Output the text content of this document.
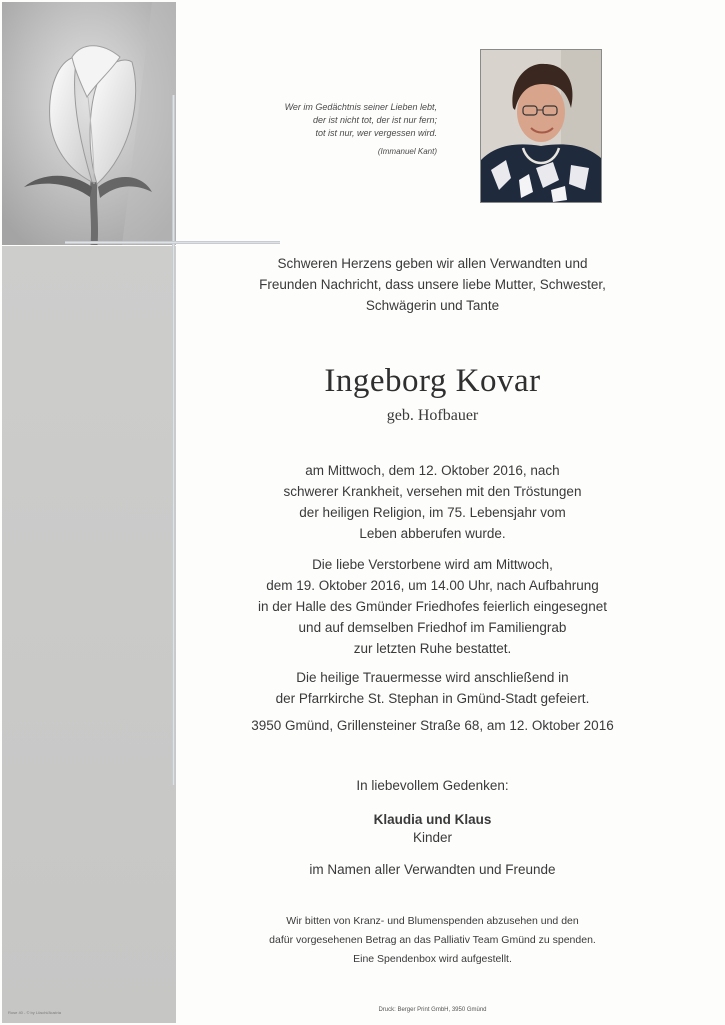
Rose 40 - © by Lüschi/Austria
Wer im Gedächtnis seiner Lieben lebt,
der ist nicht tot, der ist nur fern;
tot ist nur, wer vergessen wird.
(Immanuel Kant)
Schweren Herzens geben wir allen Verwandten und
Freunden Nachricht, dass unsere liebe Mutter, Schwester,
Schwägerin und Tante
Ingeborg Kovar
geb. Hofbauer
am Mittwoch, dem 12. Oktober 2016, nach
schwerer Krankheit, versehen mit den Tröstungen
der heiligen Religion, im 75. Lebensjahr vom
Leben abberufen wurde.
Die liebe Verstorbene wird am Mittwoch,
dem 19. Oktober 2016, um 14.00 Uhr, nach Aufbahrung
in der Halle des Gmünder Friedhofes feierlich eingesegnet
und auf demselben Friedhof im Familiengrab
zur letzten Ruhe bestattet.
Die heilige Trauermesse wird anschließend in
der Pfarrkirche St. Stephan in Gmünd-Stadt gefeiert.
3950 Gmünd, Grillensteiner Straße 68, am 12. Oktober 2016
In liebevollem Gedenken:
Klaudia und Klaus
Kinder
im Namen aller Verwandten und Freunde
Wir bitten von Kranz- und Blumenspenden abzusehen und den
dafür vorgesehenen Betrag an das Palliativ Team Gmünd zu spenden.
Eine Spendenbox wird aufgestellt.
Druck: Berger Print GmbH, 3950 Gmünd
